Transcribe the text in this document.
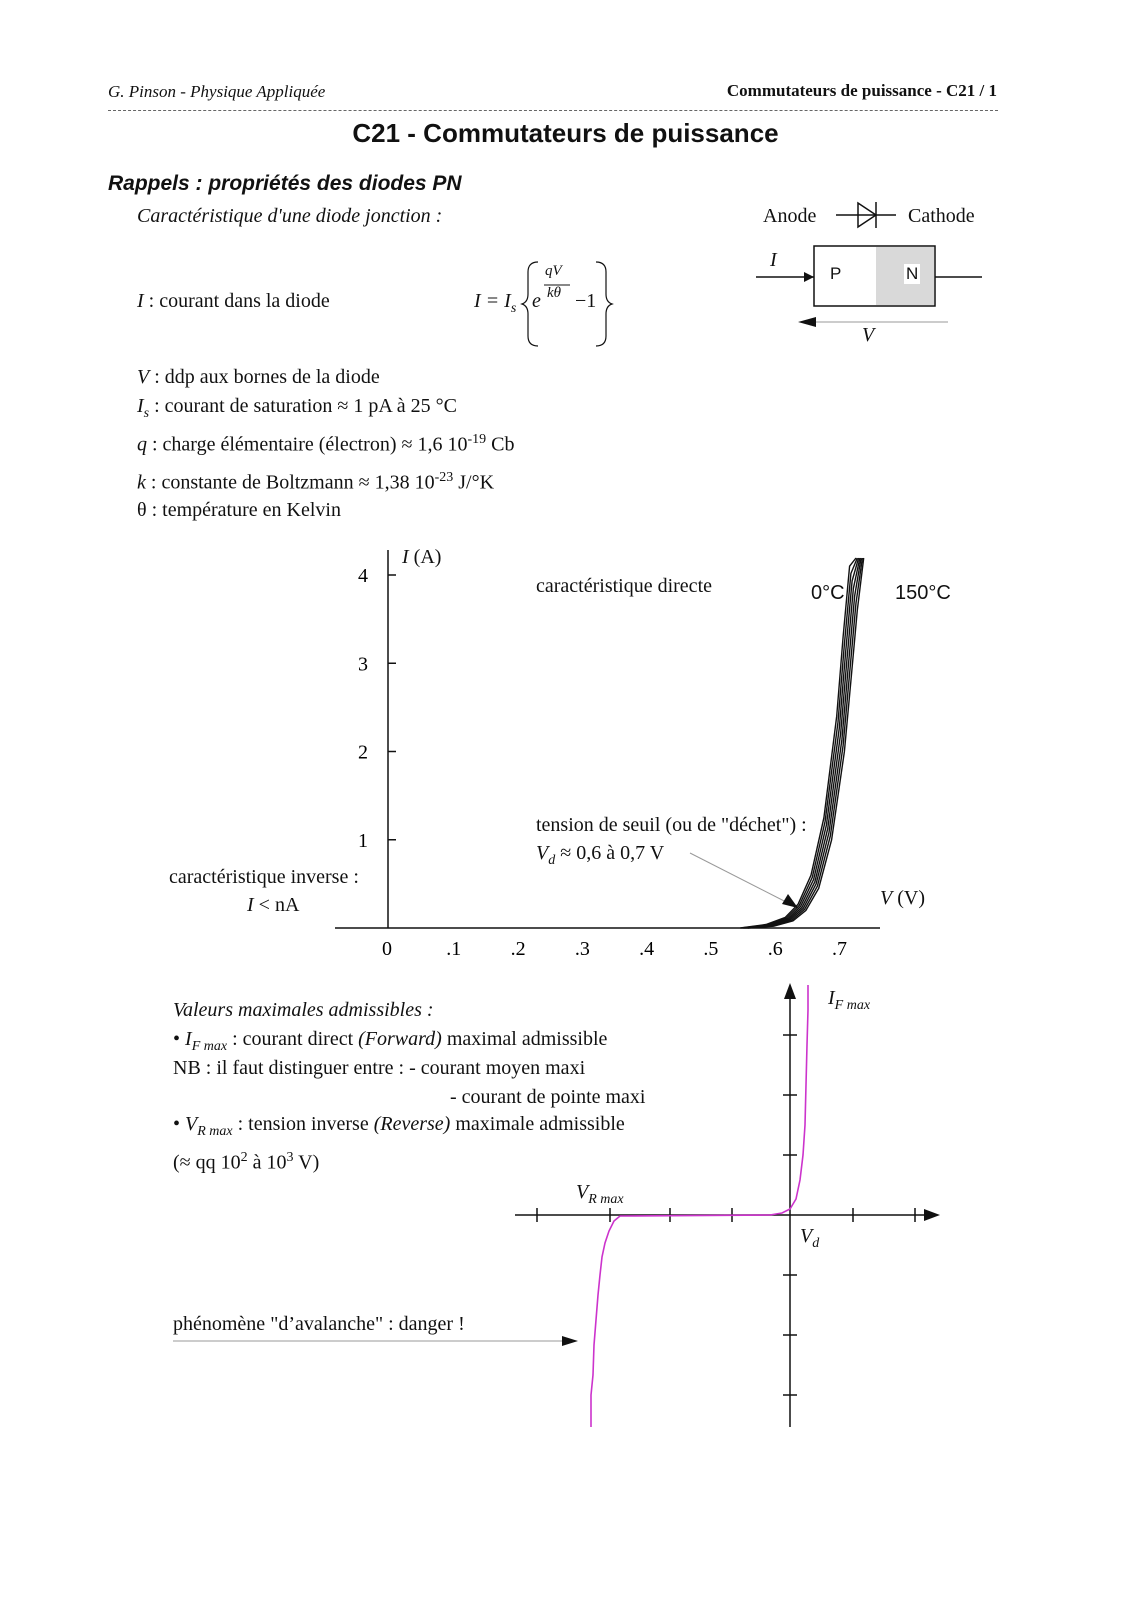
G. Pinson - Physique Appliquée	Commutateurs de puissance - C21 / 1
C21 - Commutateurs de puissance
Rappels : propriétés des diodes PN
Caractéristique d'une diode jonction :	Anode	Cathode
P	N
I
V
I : courant dans la diode	$I = I_s$ e
qV
kθ −1
V : ddp aux bornes de la diode
$I_s$ : courant de saturation ≈ 1 pA à 25 °C
q : charge élémentaire (électron) ≈ 1,6 $10^{-19}$ Cb
k : constante de Boltzmann ≈ 1,38 $10^{-23}$ J/°K
θ : température en Kelvin
1
2
3
4
0	.1 .2 .3 .4 .5 .6 .7
I (A)
caractéristique directe	0°C	150°C
tension de seuil (ou de "déchet") :
$V_d \approx 0,6$ à 0,7 V
caractéristique inverse :
I < nA	V (V)
Valeurs maximales admissibles :
• $I_{F max}$ : courant direct (Forward) maximal admissible
NB : il faut distinguer entre : - courant moyen maxi
- courant de pointe maxi
• $V_{R max}$ : tension inverse (Reverse) maximale admissible
(≈ qq $10^2$ à $10^3$ V)
phénomène "d’avalanche" : danger !
$I_{F max}$
$V_{R max}$
$V_d$
